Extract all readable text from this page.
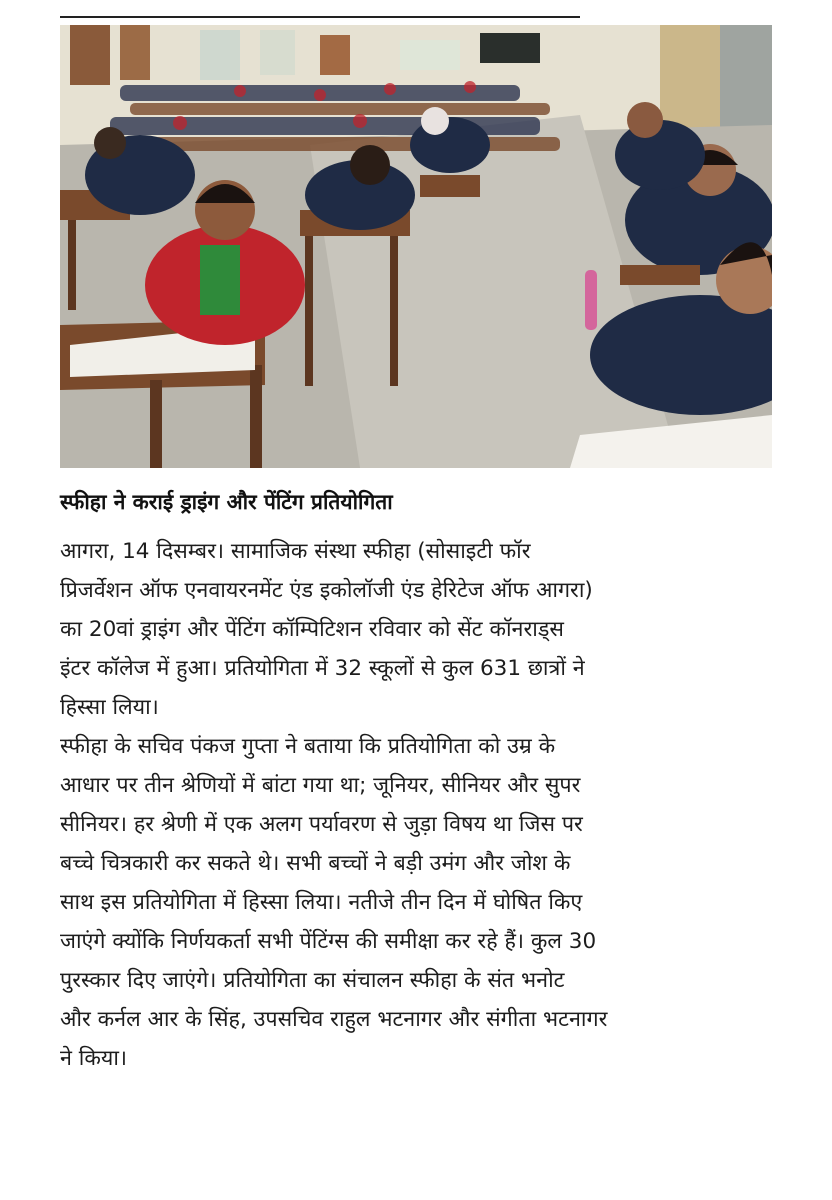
स्फीहा ने कराई ड्राइंग और पेंटिंग प्रतियोगिता

आगरा, 14 दिसम्बर। सामाजिक संस्था स्फीहा (सोसाइटी फॉर
प्रिजर्वेशन ऑफ एनवायरनमेंट एंड इकोलॉजी एंड हेरिटेज ऑफ आगरा)
का 20वां ड्राइंग और पेंटिंग कॉम्पिटिशन रविवार को सेंट कॉनराड्स
इंटर कॉलेज में हुआ। प्रतियोगिता में 32 स्कूलों से कुल 631 छात्रों ने
हिस्सा लिया।

स्फीहा के सचिव पंकज गुप्ता ने बताया कि प्रतियोगिता को उम्र के
आधार पर तीन श्रेणियों में बांटा गया था; जूनियर, सीनियर और सुपर
सीनियर। हर श्रेणी में एक अलग पर्यावरण से जुड़ा विषय था जिस पर
बच्चे चित्रकारी कर सकते थे। सभी बच्चों ने बड़ी उमंग और जोश के
साथ इस प्रतियोगिता में हिस्सा लिया। नतीजे तीन दिन में घोषित किए
जाएंगे क्योंकि निर्णयकर्ता सभी पेंटिंग्स की समीक्षा कर रहे हैं। कुल 30
पुरस्कार दिए जाएंगे। प्रतियोगिता का संचालन स्फीहा के संत भनोट
और कर्नल आर के सिंह, उपसचिव राहुल भटनागर और संगीता भटनागर
ने किया।
